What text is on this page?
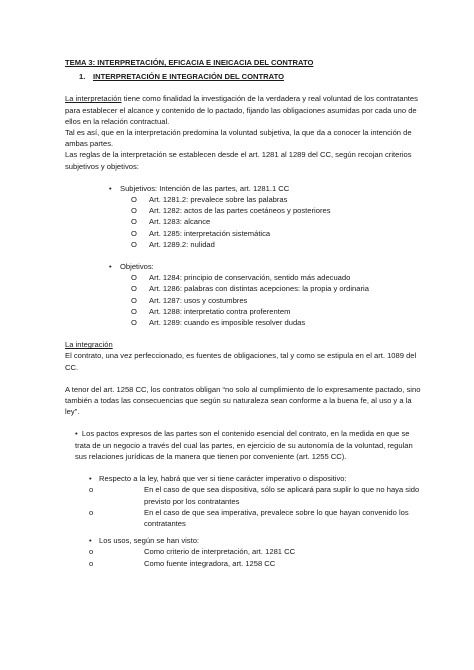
TEMA 3: INTERPRETACIÓN, EFICACIA E INEICACIA DEL CONTRATO
1. INTERPRETACIÓN E INTEGRACIÓN DEL CONTRATO

La interpretación tiene como finalidad la investigación de la verdadera y real voluntad de los contratantes para establecer el alcance y contenido de lo pactado, fijando las obligaciones asumidas por cada uno de ellos en la relación contractual.

Tal es así, que en la interpretación predomina la voluntad subjetiva, la que da a conocer la intención de ambas partes.

Las reglas de la interpretación se establecen desde el art. 1281 al 1289 del CC, según recojan criterios subjetivos y objetivos:

• Subjetivos: Intención de las partes, art. 1281.1 CC
O Art. 1281.2: prevalece sobre las palabras
O Art. 1282: actos de las partes coetáneos y posteriores
O Art. 1283: alcance
O Art. 1285: interpretación sistemática
O Art. 1289.2: nulidad
• Objetivos:
O Art. 1284: principio de conservación, sentido más adecuado
O Art. 1286: palabras con distintas acepciones: la propia y ordinaria
O Art. 1287: usos y costumbres
O Art. 1288: interpretatio contra proferentem
O Art. 1289: cuando es imposible resolver dudas

La integración

El contrato, una vez perfeccionado, es fuentes de obligaciones, tal y como se estipula en el art. 1089 del CC.

A tenor del art. 1258 CC, los contratos obligan “no solo al cumplimiento de lo expresamente pactado, sino también a todas las consecuencias que según su naturaleza sean conforme a la buena fe, al uso y a la ley”.

• Los pactos expresos de las partes son el contenido esencial del contrato, en la medida en que se trata de un negocio a través del cual las partes, en ejercicio de su autonomía de la voluntad, regulan sus relaciones jurídicas de la manera que tienen por conveniente (art. 1255 CC).

• Respecto a la ley, habrá que ver si tiene carácter imperativo o dispositivo:
o	En el caso de que sea dispositiva, sólo se aplicará para suplir lo que no haya sido previsto por los contratantes
o	En el caso de que sea imperativa, prevalece sobre lo que hayan convenido los contratantes
• Los usos, según se han visto:
o	Como criterio de interpretación, art. 1281 CC
o	Como fuente integradora, art. 1258 CC
